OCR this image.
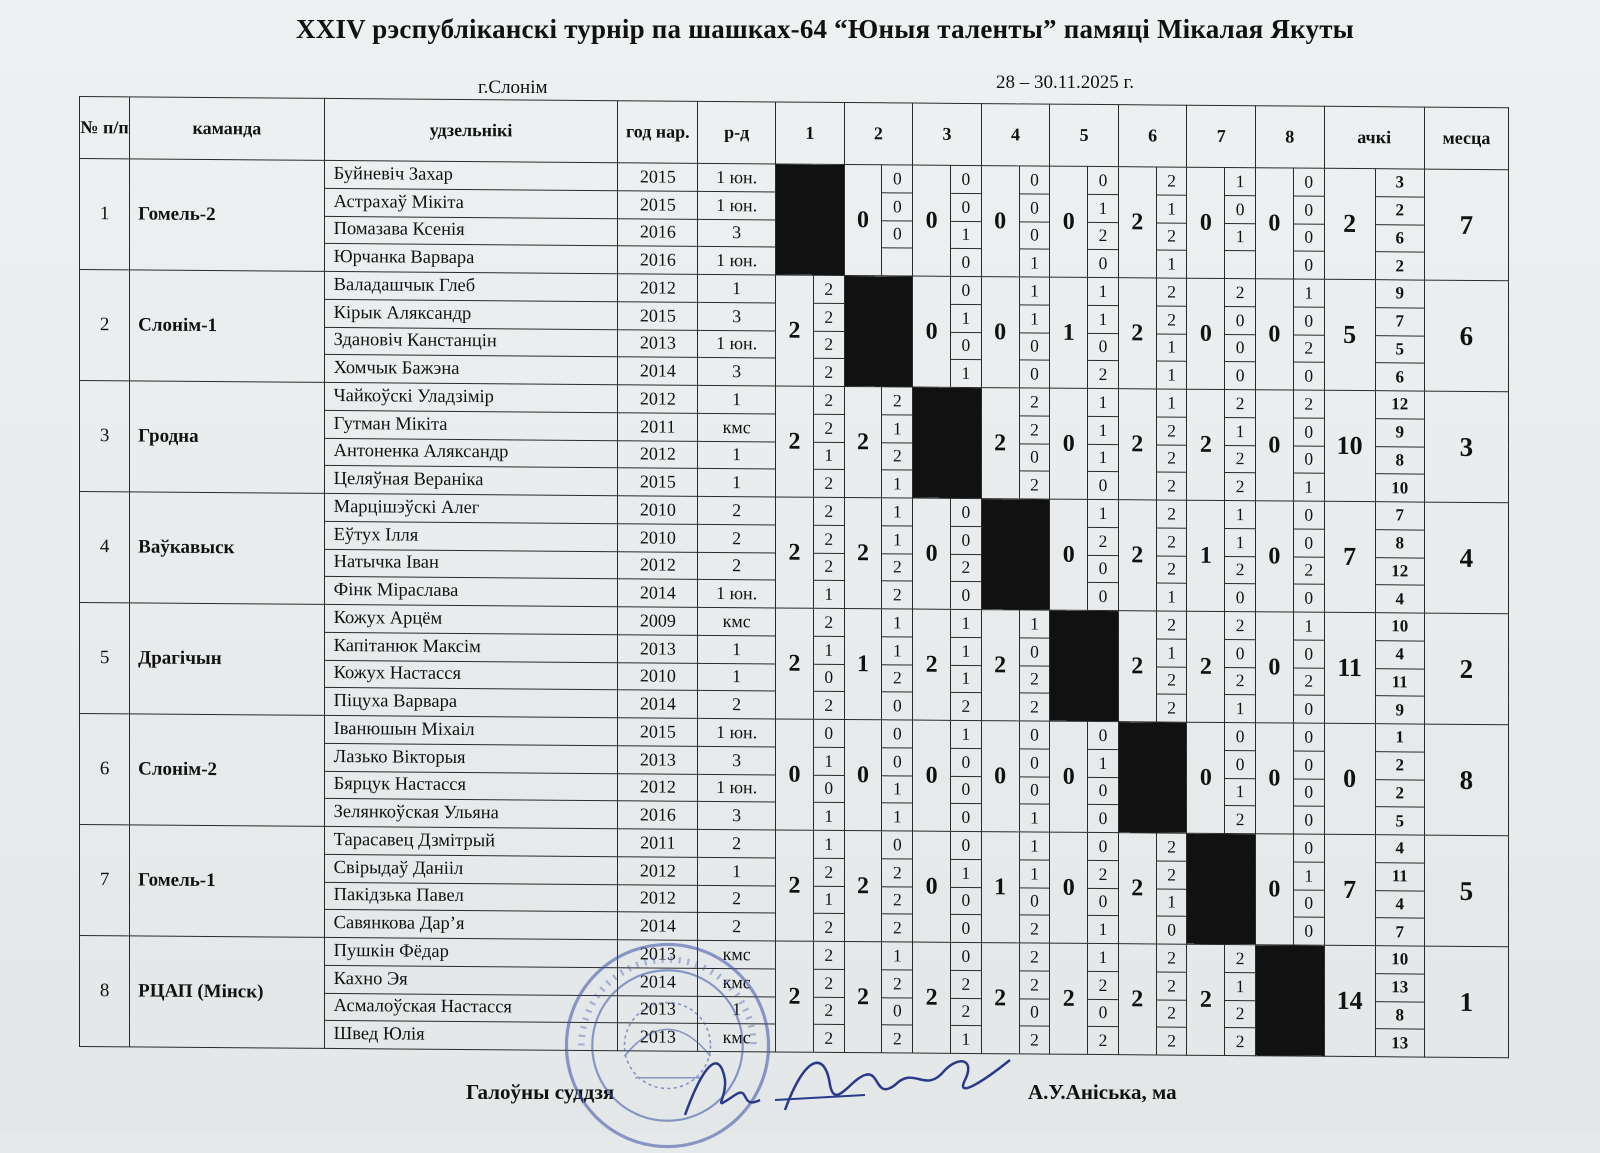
XXIV рэспубліканскі турнір па шашках-64 “Юныя таленты” памяці Мікалая Якуты
г.Слонім	28 – 30.11.2025 г.
№ п/п	каманда	удзельнікі	год нар.	р-д	1		2		3		4		5		6		7		8		ачкі		месца
1	Гомель-2	Буйневіч Захар	2015	1 юн.			0	0	0	0	0	0	0	0	2	2	0	1	0	0	2	3	7
		Астрахаў Мікіта	2015	1 юн.				0		0		0		1		1		0		0		2	
		Помазава Ксенія	2016	3				0		1		0		2		2		1		0		6	
		Юрчанка Варвара	2016	1 юн.						0		1		0		1				0		2	
2	Слонім-1	Валадашчык Глеб	2012	1	2	2			0	0	0	1	1	1	2	2	0	2	0	1	5	9	6
		Кірык Аляксандр	2015	3		2				1		1		1		2		0		0		7	
		Здановіч Канстанцін	2013	1 юн.		2				0		0		0		1		0		2		5	
		Хомчык Бажэна	2014	3		2				1		0		2		1		0		0		6	
3	Гродна	Чайкоўскі Уладзімір	2012	1	2	2	2	2			2	2	0	1	2	1	2	2	0	2	10	12	3
		Гутман Мікіта	2011	кмс		2		1				2		1		2		1		0		9	
		Антоненка Аляксандр	2012	1		1		2				0		1		2		2		0		8	
		Целяўная Вераніка	2015	1		2		1				2		0		2		2		1		10	
4	Ваўкавыск	Марцішэўскі Алег	2010	2	2	2	2	1	0	0			0	1	2	2	1	1	0	0	7	7	4
		Еўтух Ілля	2010	2		2		1		0				2		2		1		0		8	
		Натычка Іван	2012	2		2		2		2				0		2		2		2		12	
		Фінк Мірaслава	2014	1 юн.		1		2		0				0		1		0		0		4	
5	Драгічын	Кожух Арцём	2009	кмс	2	2	1	1	2	1	2	1			2	2	2	2	0	1	11	10	2
		Капітанюк Максім	2013	1		1		1		1		0				1		0		0		4	
		Кожух Настасся	2010	1		0		2		1		2				2		2		2		11	
		Піцуха Варвара	2014	2		2		0		2		2				2		1		0		9	
6	Слонім-2	Іванюшын Міхаіл	2015	1 юн.	0	0	0	0	0	1	0	0	0	0			0	0	0	0	0	1	8
		Лазько Вікторыя	2013	3		1		0		0		0		1				0		0		2	
		Бярцук Настасся	2012	1 юн.		0		1		0		0		0				1		0		2	
		Зелянкоўская Ульяна	2016	3		1		1		0		1		0				2		0		5	
7	Гомель-1	Тарасавец Дзмітрый	2011	2	2	1	2	0	0	0	1	1	0	0	2	2			0	0	7	4	5
		Свірыдаў Данііл	2012	1		2		2		1		1		2		2				1		11	
		Пакідзька Павел	2012	2		1		2		0		0		0		1				0		4	
		Савянкова Дар’я	2014	2		2		2		0		2		1		0				0		7	
8	РЦАП (Мінск)	Пушкін Фёдар	2013	кмс	2	2	2	1	2	0	2	2	2	1	2	2	2	2			14	10	1
		Кахно Эя	2014	кмс		2		2		2		2		2		2		1				13	
		Асмалоўская Настасся	2013	1		2		0		2		0		0		2		2				8	
		Швед Юлія	2013	кмс		2		2		1		2		2		2		2				13	
Галоўны суддзя	А.У.Аніська, ма
